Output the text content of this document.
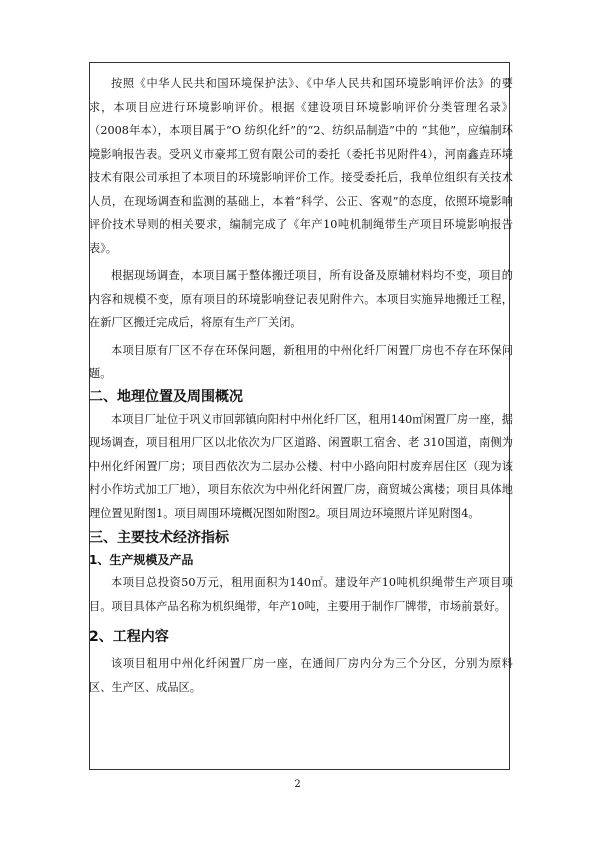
按照《中华人民共和国环境保护法》、《中华人民共和国环境影响评价法》的要求，本项目应进行环境影响评价。根据《建设项目环境影响评价分类管理名录》（2008年本），本项目属于“O 纺织化纤”的“2、纺织品制造”中的 “其他”，应编制环境影响报告表。受巩义市豪邦工贸有限公司的委托（委托书见附件4），河南鑫垚环境技术有限公司承担了本项目的环境影响评价工作。接受委托后，我单位组织有关技术人员，在现场调查和监测的基础上，本着“科学、公正、客观”的态度，依照环境影响评价技术导则的相关要求，编制完成了《年产10吨机制绳带生产项目环境影响报告表》。

根据现场调查，本项目属于整体搬迁项目，所有设备及原辅材料均不变，项目的内容和规模不变，原有项目的环境影响登记表见附件六。本项目实施异地搬迁工程，在新厂区搬迁完成后，将原有生产厂关闭。

本项目原有厂区不存在环保问题，新租用的中州化纤厂闲置厂房也不存在环保问题。

二、地理位置及周围概况

本项目厂址位于巩义市回郭镇向阳村中州化纤厂区，租用140㎡闲置厂房一座，据现场调查，项目租用厂区以北依次为厂区道路、闲置职工宿舍、老 310国道，南侧为中州化纤闲置厂房；项目西依次为二层办公楼、村中小路向阳村废弃居住区（现为该村小作坊式加工厂地），项目东依次为中州化纤闲置厂房，商贸城公寓楼；项目具体地理位置见附图1。项目周围环境概况图如附图2。项目周边环境照片详见附图4。

三、主要技术经济指标
1、生产规模及产品

本项目总投资50万元，租用面积为140㎡。建设年产10吨机织绳带生产项目项目。项目具体产品名称为机织绳带，年产10吨，主要用于制作厂牌带，市场前景好。

2、工程内容

该项目租用中州化纤闲置厂房一座，在通间厂房内分为三个分区，分别为原料区、生产区、成品区。

2
